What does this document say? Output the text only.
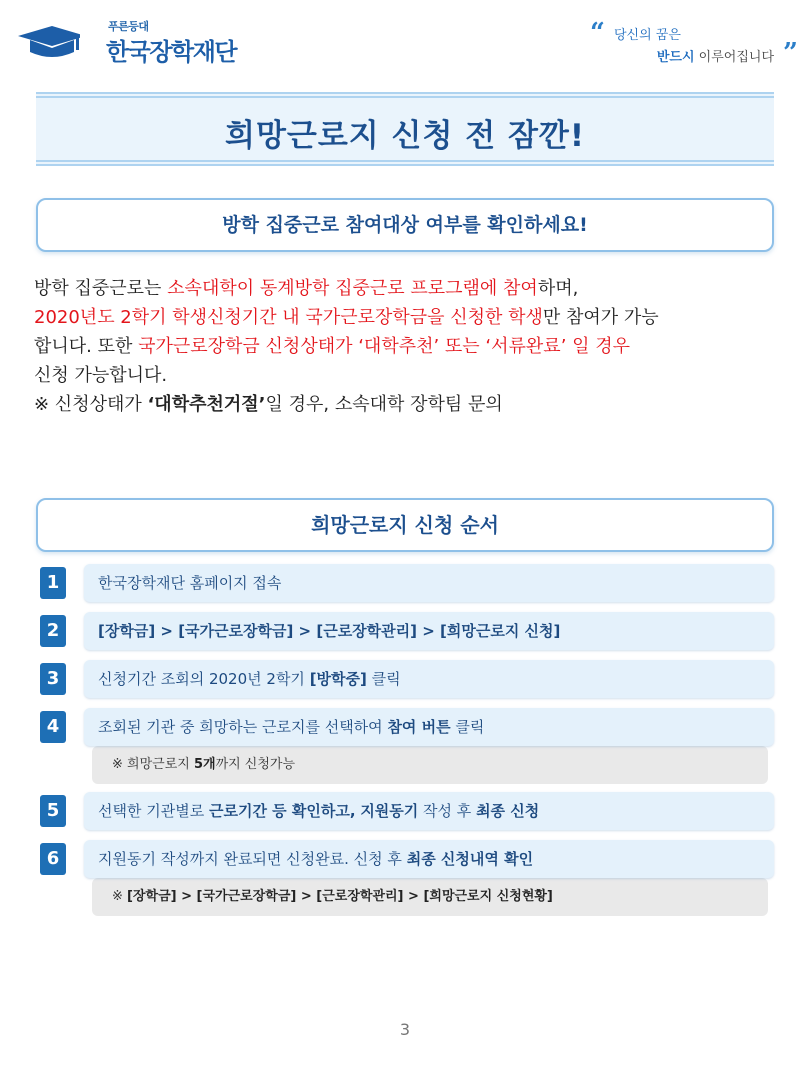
푸른등대
한국장학재단
“ 당신의 꿈은
반드시 이루어집니다 ”
희망근로지 신청 전 잠깐!
방학 집중근로 참여대상 여부를 확인하세요!
방학 집중근로는 소속대학이 동계방학 집중근로 프로그램에 참여하며,
2020년도 2학기 학생신청기간 내 국가근로장학금을 신청한 학생만 참여가 가능
합니다. 또한 국가근로장학금 신청상태가 ‘대학추천’ 또는 ‘서류완료’ 일 경우
신청 가능합니다.
※ 신청상태가 ‘대학추천거절’일 경우, 소속대학 장학팀 문의
희망근로지 신청 순서
1	한국장학재단 홈페이지 접속
2	[장학금] > [국가근로장학금] > [근로장학관리] > [희망근로지 신청]
3	신청기간 조회의 2020년 2학기 [방학중] 클릭
※ 희망근로지 5개까지 신청가능
4	조회된 기관 중 희망하는 근로지를 선택하여 참여 버튼 클릭
5	선택한 기관별로 근로기간 등 확인하고, 지원동기 작성 후 최종 신청
※ [장학금] > [국가근로장학금] > [근로장학관리] > [희망근로지 신청현황]
6	지원동기 작성까지 완료되면 신청완료. 신청 후 최종 신청내역 확인
3
